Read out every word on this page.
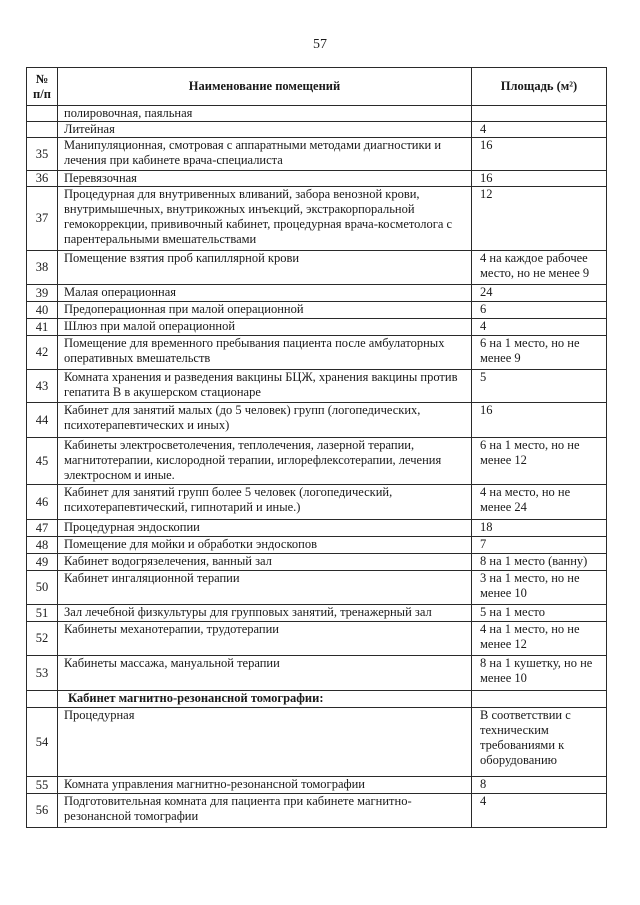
57
№
п/п	Наименование помещений	Площадь (м²)
	полировочная, паяльная	
	Литейная	4
35	Манипуляционная, смотровая с аппаратными методами диагностики и лечения при кабинете врача-специалиста	16
36	Перевязочная	16
37	Процедурная для внутривенных вливаний, забора венозной крови, внутримышечных, внутрикожных инъекций, экстракорпоральной гемокоррекции, прививочный кабинет, процедурная врача-косметолога с парентеральными вмешательствами	12
38	Помещение взятия проб капиллярной крови	4 на каждое рабочее место, но не менее 9
39	Малая операционная	24
40	Предоперационная при малой операционной	6
41	Шлюз при малой операционной	4
42	Помещение для временного пребывания пациента после амбулаторных оперативных вмешательств	6 на 1 место, но не менее 9
43	Комната хранения и разведения вакцины БЦЖ, хранения вакцины против гепатита В в акушерском стационаре	5
44	Кабинет для занятий малых (до 5 человек) групп (логопедических, психотерапевтических и иных)	16
45	Кабинеты электросветолечения, теплолечения, лазерной терапии, магнитотерапии, кислородной терапии, иглорефлексотерапии, лечения электросном и иные.	6 на 1 место, но не менее 12
46	Кабинет для занятий групп более 5 человек (логопедический, психотерапевтический, гипнотарий и иные.)	4 на место, но не менее 24
47	Процедурная эндоскопии	18
48	Помещение для мойки и обработки эндоскопов	7
49	Кабинет водогрязелечения, ванный зал	8 на 1 место (ванну)
50	Кабинет ингаляционной терапии	3 на 1 место, но не менее 10
51	Зал лечебной физкультуры для групповых занятий, тренажерный зал	5 на 1 место
52	Кабинеты механотерапии, трудотерапии	4 на 1 место, но не менее 12
53	Кабинеты массажа, мануальной терапии	8 на 1 кушетку, но не менее 10
	Кабинет магнитно-резонансной томографии:	
54	Процедурная	В соответствии с техническим требованиями к оборудованию
55	Комната управления магнитно-резонансной томографии	8
56	Подготовительная комната для пациента при кабинете магнитно-резонансной томографии	4
